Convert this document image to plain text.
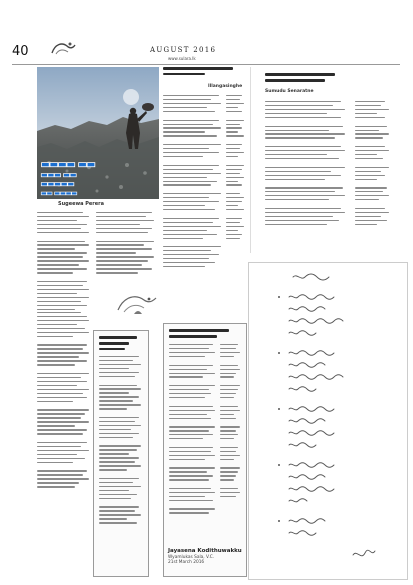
40	AUGUST 2016
www.sulara.lk
▬▬▬▬ ▬▬
▬▬▬ ▬▬
▬▬▬▬▬
▬▬ ▬▬▬▬
Sugeewa Perera
Illangasinghe
Jayasena Kodithuwakku
Wyamlukas Sala, V.C.
21st March 2016
Sumudu Senaratne
